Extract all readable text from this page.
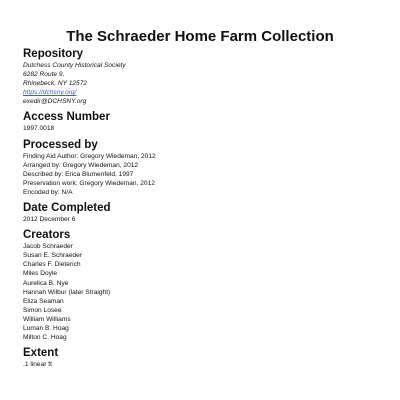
The Schraeder Home Farm Collection
Repository
Dutchess County Historical Society
6282 Route 9,
Rhinebeck, NY 12572
https://dchsny.org/
exedir@DCHSNY.org
Access Number
1997.0018
Processed by
Finding Aid Author: Gregory Wiedeman, 2012
Arranged by: Gregory Wiedeman, 2012
Described by: Erica Blumenfeld, 1997
Preservation work: Gregory Wiedeman, 2012
Encoded by: N/A
Date Completed
2012 December 6
Creators
Jacob Schraeder
Susan E. Schraeder
Charles F. Dieterich
Miles Doyle
Aurelica B. Nye
Hannah Wilbur (later Straight)
Eliza Seaman
Simon Losee
William Williams
Luman B. Hoag
Milton C. Hoag
Extent
.1 linear ft
